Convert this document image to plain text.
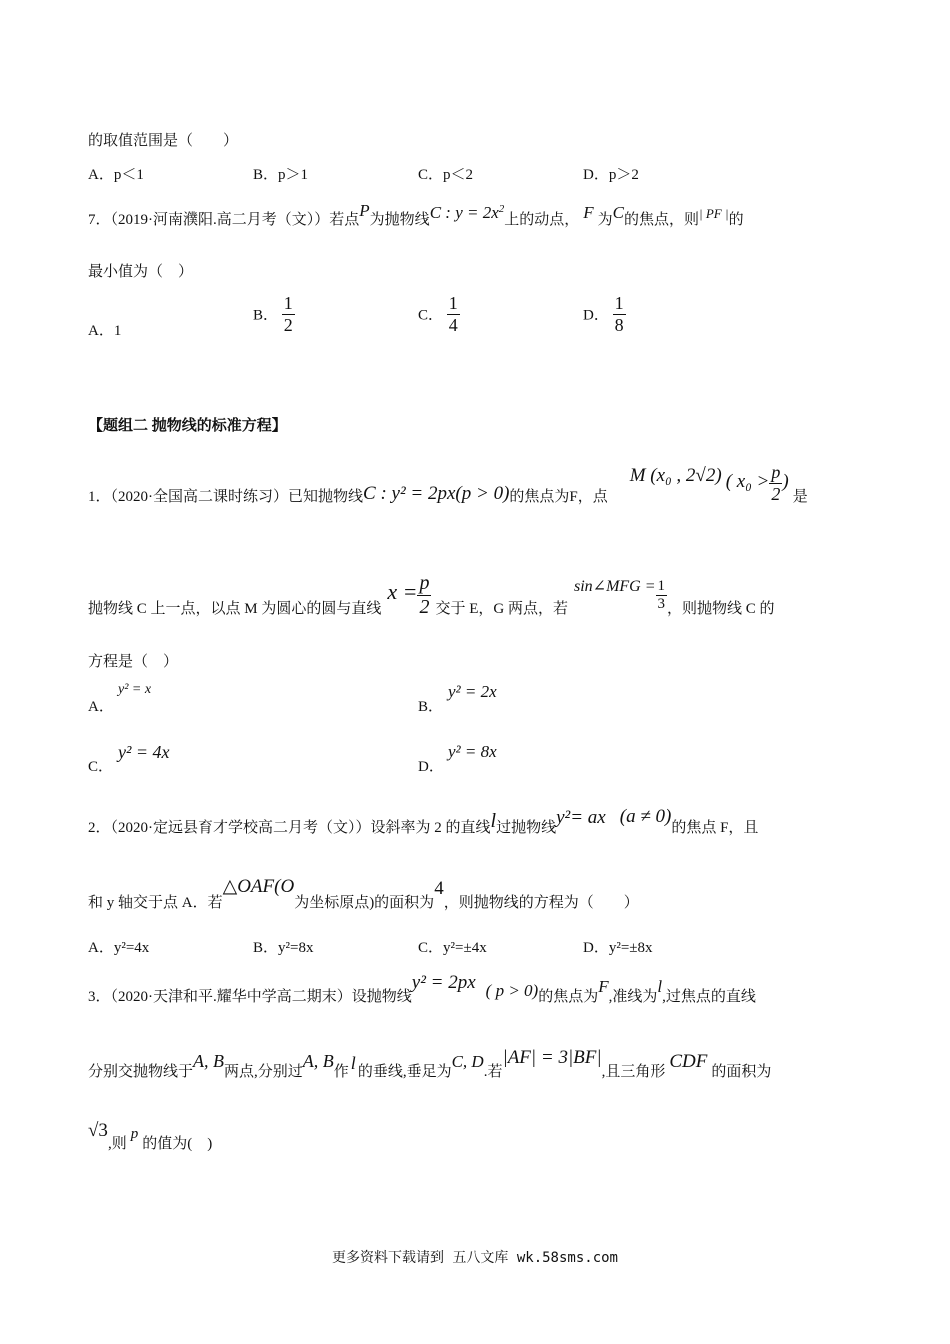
的取值范围是（　　）
A．p＜1	B．p＞1	C．p＜2	D．p＞2
7．（2019·河南濮阳.高二月考（文））若点P为抛物线C : $y = 2x^2$上的动点， F 为C的焦点，则| PF |的
最小值为（　）
A．1
B． $\frac{1}{2}$	C． $\frac{1}{4}$	D． $\frac{1}{8}$
【题组二 抛物线的标准方程】
1．（2020·全国高二课时练习）已知抛物线C : y² = 2px(p > 0)的焦点为F，点M (x₀ , 2√2) ( $x_0 > \frac{p}{2}$ )是
抛物线 C 上一点，以点 M 为圆心的圆与直线$x = \frac{p}{2}$ 交于 E，G 两点，若sin∠MFG = $\frac{1}{3}$ ，则抛物线 C 的
方程是（　）
A．
y² = x
B．
y² = 2x
C．
y² = 4x
D．
y² = 8x
2．（2020·定远县育才学校高二月考（文））设斜率为 2 的直线l过抛物线y²= ax (a ≠ 0)的焦点 F，且
和 y 轴交于点 A．若△OAF(O为坐标原点)的面积为4，则抛物线的方程为（　　）
A．y²=4x	B．y²=8x	C．y²=±4x	D．y²=±8x
3．（2020·天津和平.耀华中学高二期末）设抛物线y² = 2px ( p > 0)的焦点为F,准线为l,过焦点的直线
分别交抛物线于A, B两点,分别过A, B作 l 的垂线,垂足为C, D.若|AF| = 3|BF|,且三角形 CDF 的面积为
√3,则p的值为(　)
更多资料下载请到 五八文库 wk.58sms.com
